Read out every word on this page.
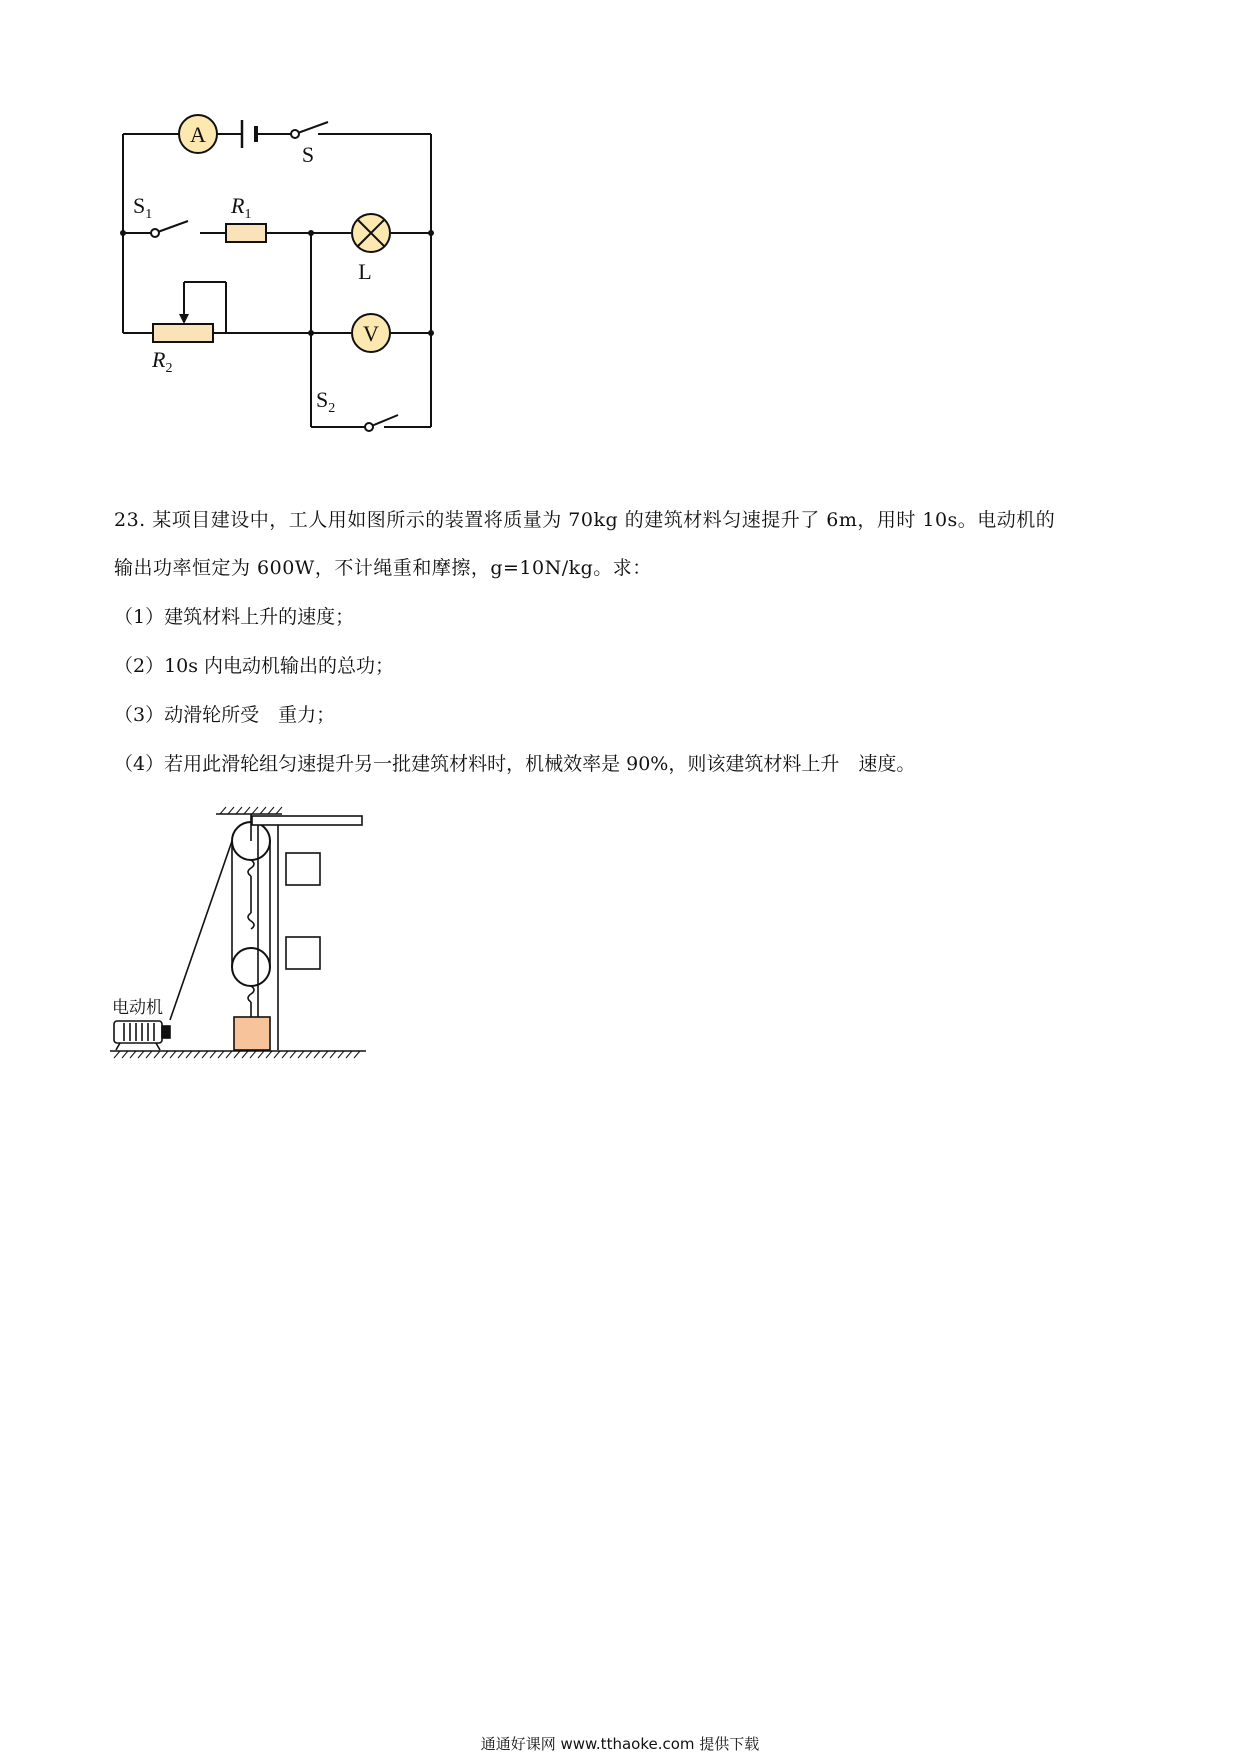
A
V
S
$S_1$	$R_1$
L
$R_2$
$S_2$
23. 某项目建设中，工人用如图所示的装置将质量为 70kg 的建筑材料匀速提升了 6m，用时 10s。电动机的
输出功率恒定为 600W，不计绳重和摩擦，g=10N/kg。求：
（1）建筑材料上升的速度；
（2）10s 内电动机输出的总功；
（3）动滑轮所受　重力；
（4）若用此滑轮组匀速提升另一批建筑材料时，机械效率是 90%，则该建筑材料上升　速度。
电动机
通通好课网 www.tthaoke.com 提供下载
